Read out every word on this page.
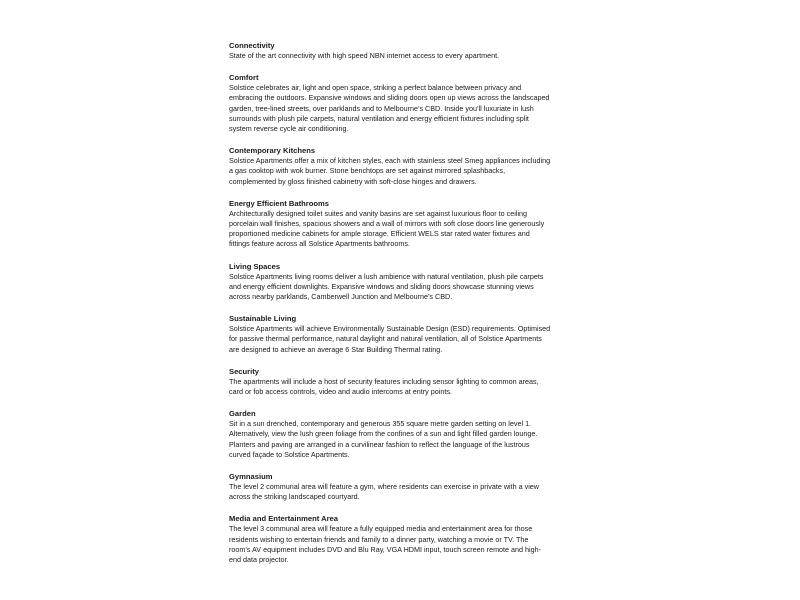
Connectivity

State of the art connectivity with high speed NBN internet access to every apartment.

Comfort

Solstice celebrates air, light and open space, striking a perfect balance between privacy and
embracing the outdoors. Expansive windows and sliding doors open up views across the landscaped
garden, tree-lined streets, over parklands and to Melbourne’s CBD. Inside you’ll luxuriate in lush
surrounds with plush pile carpets, natural ventilation and energy efficient fixtures including split
system reverse cycle air conditioning.

Contemporary Kitchens

Solstice Apartments offer a mix of kitchen styles, each with stainless steel Smeg appliances including
a gas cooktop with wok burner. Stone benchtops are set against mirrored splashbacks,
complemented by gloss finished cabinetry with soft-close hinges and drawers.

Energy Efficient Bathrooms

Architecturally designed toilet suites and vanity basins are set against luxurious floor to ceiling
porcelain wall finishes, spacious showers and a wall of mirrors with soft close doors line generously
proportioned medicine cabinets for ample storage. Efficient WELS star rated water fixtures and
fittings feature across all Solstice Apartments bathrooms.

Living Spaces

Solstice Apartments living rooms deliver a lush ambience with natural ventilation, plush pile carpets
and energy efficient downlights. Expansive windows and sliding doors showcase stunning views
across nearby parklands, Camberwell Junction and Melbourne’s CBD.

Sustainable Living

Solstice Apartments will achieve Environmentally Sustainable Design (ESD) requirements. Optimised
for passive thermal performance, natural daylight and natural ventilation, all of Solstice Apartments
are designed to achieve an average 6 Star Building Thermal rating.

Security

The apartments will include a host of security features including sensor lighting to common areas,
card or fob access controls, video and audio intercoms at entry points.

Garden

Sit in a sun drenched, contemporary and generous 355 square metre garden setting on level 1.
Alternatively, view the lush green foliage from the confines of a sun and light filled garden lounge.
Planters and paving are arranged in a curvilinear fashion to reflect the language of the lustrous
curved façade to Solstice Apartments.

Gymnasium

The level 2 communal area will feature a gym, where residents can exercise in private with a view
across the striking landscaped courtyard.

Media and Entertainment Area

The level 3 communal area will feature a fully equipped media and entertainment area for those
residents wishing to entertain friends and family to a dinner party, watching a movie or TV. The
room’s AV equipment includes DVD and Blu Ray, VGA HDMI input, touch screen remote and high-
end data projector.
